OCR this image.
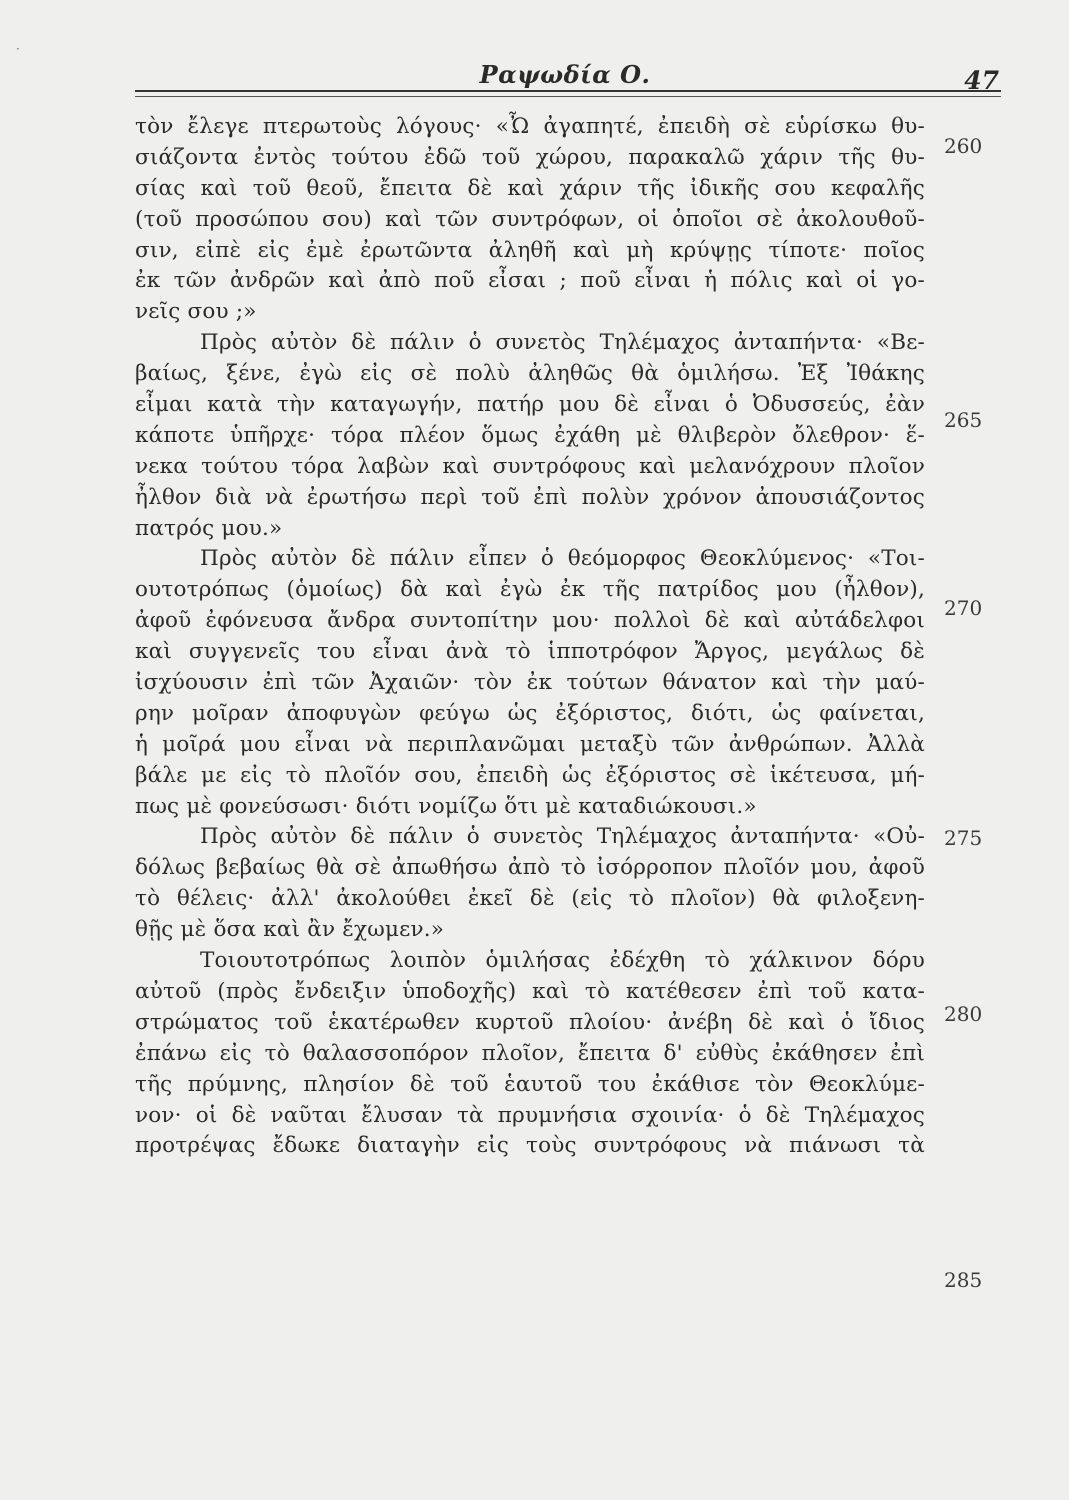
·
Ραψωδία Ο.	47
τὸν ἔλεγε πτερωτοὺς λόγους· «Ὦ ἀγαπητέ, ἐπειδὴ σὲ εὑρίσκω θυ-
σιάζοντα ἐντὸς τούτου ἐδῶ τοῦ χώρου, παρακαλῶ χάριν τῆς θυ-
σίας καὶ τοῦ θεοῦ, ἔπειτα δὲ καὶ χάριν τῆς ἰδικῆς σου κεφαλῆς
(τοῦ προσώπου σου) καὶ τῶν συντρόφων, οἱ ὁποῖοι σὲ ἀκολουθοῦ-
σιν, εἰπὲ εἰς ἐμὲ ἐρωτῶντα ἀληθῆ καὶ μὴ κρύψῃς τίποτε· ποῖος
ἐκ τῶν ἀνδρῶν καὶ ἀπὸ ποῦ εἶσαι ; ποῦ εἶναι ἡ πόλις καὶ οἱ γο-
νεῖς σου ;»
Πρὸς αὐτὸν δὲ πάλιν ὁ συνετὸς Τηλέμαχος ἀνταπήντα· «Βε-
βαίως, ξένε, ἐγὼ εἰς σὲ πολὺ ἀληθῶς θὰ ὁμιλήσω. Ἐξ Ἰθάκης
εἶμαι κατὰ τὴν καταγωγήν, πατήρ μου δὲ εἶναι ὁ Ὀδυσσεύς, ἐὰν
κάποτε ὑπῆρχε· τόρα πλέον ὅμως ἐχάθη μὲ θλιβερὸν ὄλεθρον· ἕ-
νεκα τούτου τόρα λαβὼν καὶ συντρόφους καὶ μελανόχρουν πλοῖον
ἦλθον διὰ νὰ ἐρωτήσω περὶ τοῦ ἐπὶ πολὺν χρόνον ἀπουσιάζοντος
πατρός μου.»
Πρὸς αὐτὸν δὲ πάλιν εἶπεν ὁ θεόμορφος Θεοκλύμενος· «Τοι-
ουτοτρόπως (ὁμοίως) δὰ καὶ ἐγὼ ἐκ τῆς πατρίδος μου (ἦλθον),
ἀφοῦ ἐφόνευσα ἄνδρα συντοπίτην μου· πολλοὶ δὲ καὶ αὐτάδελφοι
καὶ συγγενεῖς του εἶναι ἀνὰ τὸ ἱπποτρόφον Ἄργος, μεγάλως δὲ
ἰσχύουσιν ἐπὶ τῶν Ἀχαιῶν· τὸν ἐκ τούτων θάνατον καὶ τὴν μαύ-
ρην μοῖραν ἀποφυγὼν φεύγω ὡς ἐξόριστος, διότι, ὡς φαίνεται,
ἡ μοῖρά μου εἶναι νὰ περιπλανῶμαι μεταξὺ τῶν ἀνθρώπων. Ἀλλὰ
βάλε με εἰς τὸ πλοῖόν σου, ἐπειδὴ ὡς ἐξόριστος σὲ ἱκέτευσα, μή-
πως μὲ φονεύσωσι· διότι νομίζω ὅτι μὲ καταδιώκουσι.»
Πρὸς αὐτὸν δὲ πάλιν ὁ συνετὸς Τηλέμαχος ἀνταπήντα· «Οὐ-
δόλως βεβαίως θὰ σὲ ἀπωθήσω ἀπὸ τὸ ἰσόρροπον πλοῖόν μου, ἀφοῦ
τὸ θέλεις· ἀλλ' ἀκολούθει ἐκεῖ δὲ (εἰς τὸ πλοῖον) θὰ φιλοξενη-
θῇς μὲ ὅσα καὶ ἂν ἔχωμεν.»
Τοιουτοτρόπως λοιπὸν ὁμιλήσας ἐδέχθη τὸ χάλκινον δόρυ
αὐτοῦ (πρὸς ἔνδειξιν ὑποδοχῆς) καὶ τὸ κατέθεσεν ἐπὶ τοῦ κατα-
στρώματος τοῦ ἑκατέρωθεν κυρτοῦ πλοίου· ἀνέβη δὲ καὶ ὁ ἴδιος
ἐπάνω εἰς τὸ θαλασσοπόρον πλοῖον, ἔπειτα δ' εὐθὺς ἐκάθησεν ἐπὶ
τῆς πρύμνης, πλησίον δὲ τοῦ ἑαυτοῦ του ἐκάθισε τὸν Θεοκλύμε-
νον· οἱ δὲ ναῦται ἔλυσαν τὰ πρυμνήσια σχοινία· ὁ δὲ Τηλέμαχος
προτρέψας ἔδωκε διαταγὴν εἰς τοὺς συντρόφους νὰ πιάνωσι τὰ
260
265
270
275
280
285
